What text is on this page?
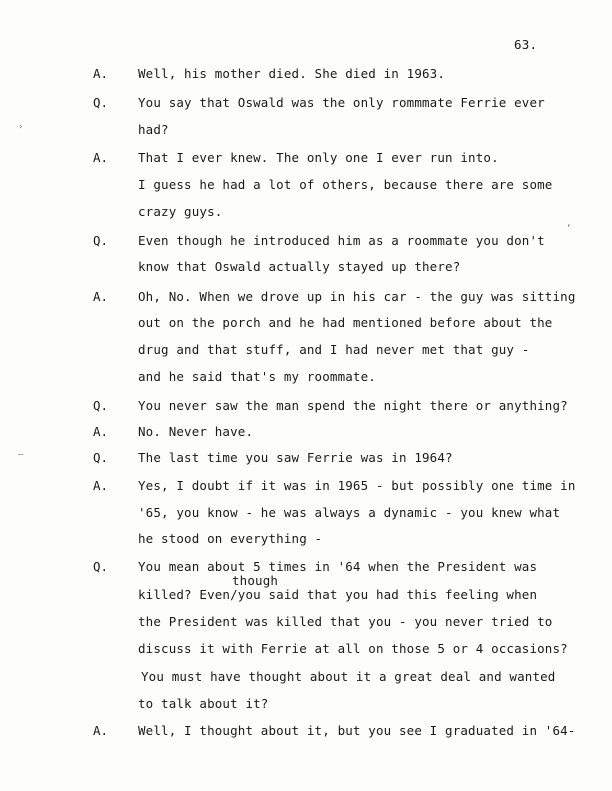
63.
›
–
‘
A. Well, his mother died. She died in 1963.
Q. You say that Oswald was the only rommmate Ferrie ever
had?
A. That I ever knew. The only one I ever run into.
I guess he had a lot of others, because there are some
crazy guys.
Q. Even though he introduced him as a roommate you don't
know that Oswald actually stayed up there?
A. Oh, No. When we drove up in his car - the guy was sitting
out on the porch and he had mentioned before about the
drug and that stuff, and I had never met that guy -
and he said that's my roommate.
Q. You never saw the man spend the night there or anything?
A. No. Never have.
Q. The last time you saw Ferrie was in 1964?
A. Yes, I doubt if it was in 1965 - but possibly one time in
'65, you know - he was always a dynamic - you knew what
he stood on everything -
Q. You mean about 5 times in '64 when the President was
though
killed? Even/you said that you had this feeling when
the President was killed that you - you never tried to
discuss it with Ferrie at all on those 5 or 4 occasions?
You must have thought about it a great deal and wanted
to talk about it?
A. Well, I thought about it, but you see I graduated in '64-
